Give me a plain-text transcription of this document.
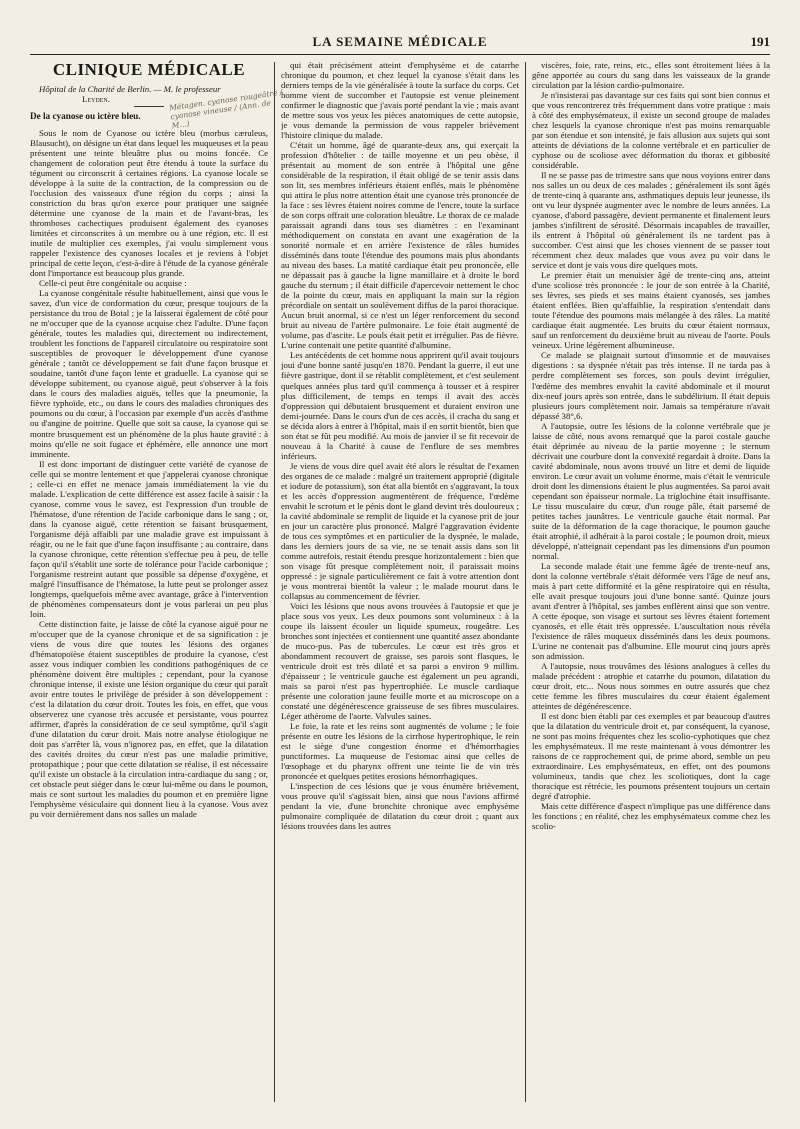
LA SEMAINE MÉDICALE	191
CLINIQUE MÉDICALE

Hôpital de la Charité de Berlin. — M. le professeur

Leyden.
De la cyanose ou ictère bleu.

Sous le nom de Cyanose ou ictère bleu (morbus cæruleus, Blausucht), on désigne un état dans lequel les muqueuses et la peau présentent une teinte bleuâtre plus ou moins foncée. Ce changement de coloration peut être étendu à toute la surface du tégument ou circonscrit à certaines régions. La cyanose locale se développe à la suite de la contraction, de la compression ou de l'occlusion des vaisseaux d'une région du corps ; ainsi la constriction du bras qu'on exerce pour pratiquer une saignée détermine une cyanose de la main et de l'avant-bras, les thromboses cachectiques produisent également des cyanoses limitées et circonscrites à un membre ou à une région, etc. Il est inutile de multiplier ces exemples, j'ai voulu simplement vous rappeler l'existence des cyanoses locales et je reviens à l'objet principal de cette leçon, c'est-à-dire à l'étude de la cyanose générale dont l'importance est beaucoup plus grande.

Celle-ci peut être congénitale ou acquise :

La cyanose congénitale résulte habituellement, ainsi que vous le savez, d'un vice de conformation du cœur, presque toujours de la persistance du trou de Botal ; je la laisserai également de côté pour ne m'occuper que de la cyanose acquise chez l'adulte. D'une façon générale, toutes les maladies qui, directement ou indirectement, troublent les fonctions de l'appareil circulatoire ou respiratoire sont susceptibles de provoquer le développement d'une cyanose générale ; tantôt ce développement se fait d'une façon brusque et soudaine, tantôt d'une façon lente et graduelle. La cyanose qui se développe subitement, ou cyanose aiguë, peut s'observer à la fois dans le cours des maladies aiguës, telles que la pneumonie, la fièvre typhoïde, etc., ou dans le cours des maladies chroniques des poumons ou du cœur, à l'occasion par exemple d'un accès d'asthme ou d'angine de poitrine. Quelle que soit sa cause, la cyanose qui se montre brusquement est un phénomène de la plus haute gravité : à moins qu'elle ne soit fugace et éphémère, elle annonce une mort imminente.

Il est donc important de distinguer cette variété de cyanose de celle qui se montre lentement et que j'appelerai cyanose chronique ; celle-ci en effet ne menace jamais immédiatement la vie du malade. L'explication de cette différence est assez facile à saisir : la cyanose, comme vous le savez, est l'expression d'un trouble de l'hématose, d'une rétention de l'acide carbonique dans le sang ; or, dans la cyanose aiguë, cette rétention se faisant brusquement, l'organisme déjà affaibli par une maladie grave est impuissant à réagir, ou ne le fait que d'une façon insuffisante ; au contraire, dans la cyanose chronique, cette rétention s'effectue peu à peu, de telle façon qu'il s'établit une sorte de tolérance pour l'acide carbonique ; l'organisme restreint autant que possible sa dépense d'oxygène, et malgré l'insuffisance de l'hématose, la lutte peut se prolonger assez longtemps, quelquefois même avec avantage, grâce à l'intervention de phénomènes compensateurs dont je vous parlerai un peu plus loin.

Cette distinction faite, je laisse de côté la cyanose aiguë pour ne m'occuper que de la cyanose chronique et de sa signification : je viens de vous dire que toutes les lésions des organes d'hématopoïèse étaient susceptibles de produire la cyanose, c'est assez vous indiquer combien les conditions pathogéniques de ce phénomène doivent être multiples ; cependant, pour la cyanose chronique intense, il existe une lésion organique du cœur qui paraît avoir entre toutes le privilège de présider à son développement : c'est la dilatation du cœur droit. Toutes les fois, en effet, que vous observerez une cyanose très accusée et persistante, vous pourrez affirmer, d'après la considération de ce seul symptôme, qu'il s'agit d'une dilatation du cœur droit. Mais notre analyse étiologique ne doit pas s'arrêter là, vous n'ignorez pas, en effet, que la dilatation des cavités droites du cœur n'est pas une maladie primitive, protopathique ; pour que cette dilatation se réalise, il est nécessaire qu'il existe un obstacle à la circulation intra-cardiaque du sang ; or, cet obstacle peut siéger dans le cœur lui-même ou dans le poumon, mais ce sont surtout les maladies du poumon et en première ligne l'emphysème vésiculaire qui donnent lieu à la cyanose. Vous avez pu voir dernièrement dans nos salles un malade

qui était précisément atteint d'emphysème et de catarrhe chronique du poumon, et chez lequel la cyanose s'était dans les derniers temps de la vie généralisée à toute la surface du corps. Cet homme vient de succomber et l'autopsie est venue pleinement confirmer le diagnostic que j'avais porté pendant la vie ; mais avant de mettre sous vos yeux les pièces anatomiques de cette autopsie, je vous demande la permission de vous rappeler brièvement l'histoire clinique du malade.

C'était un homme, âgé de quarante-deux ans, qui exerçait la profession d'hôtelier : de taille moyenne et un peu obèse, il présentait au moment de son entrée à l'hôpital une gêne considérable de la respiration, il était obligé de se tenir assis dans son lit, ses membres inférieurs étaient enflés, mais le phénomène qui attira le plus notre attention était une cyanose très prononcée de la face : ses lèvres étaient noires comme de l'encre, toute la surface de son corps offrait une coloration bleuâtre. Le thorax de ce malade paraissait agrandi dans tous ses diamètres : en l'examinant méthodiquement on constata en avant une exagération de la sonorité normale et en arrière l'existence de râles humides disséminés dans toute l'étendue des poumons mais plus abondants au niveau des bases. La matité cardiaque était peu prononcée, elle ne dépassait pas à gauche la ligne mamillaire et à droite le bord gauche du sternum ; il était difficile d'apercevoir nettement le choc de la pointe du cœur, mais en appliquant la main sur la région précordiale on sentait un soulèvement diffus de la paroi thoracique. Aucun bruit anormal, si ce n'est un léger renforcement du second bruit au niveau de l'artère pulmonaire. Le foie était augmenté de volume, pas d'ascite. Le pouls était petit et irrégulier. Pas de fièvre. L'urine contenait une petite quantité d'albumine.

Les antécédents de cet homme nous apprirent qu'il avait toujours joui d'une bonne santé jusqu'en 1870. Pendant la guerre, il eut une fièvre gastrique, dont il se rétablit complètement, et c'est seulement quelques années plus tard qu'il commença à tousser et à respirer plus difficilement, de temps en temps il avait des accès d'oppression qui débutaient brusquement et duraient environ une demi-journée. Dans le cours d'un de ces accès, il cracha du sang et se décida alors à entrer à l'hôpital, mais il en sortit bientôt, bien que son état se fût peu modifié. Au mois de janvier il se fit recevoir de nouveau à la Charité à cause de l'enflure de ses membres inférieurs.

Je viens de vous dire quel avait été alors le résultat de l'examen des organes de ce malade : malgré un traitement approprié (digitale et iodure de potassium), son état alla bientôt en s'aggravant, la toux et les accès d'oppression augmentèrent de fréquence, l'œdème envahit le scrotum et le pénis dont le gland devint très douloureux ; la cavité abdominale se remplit de liquide et la cyanose prit de jour en jour un caractère plus prononcé. Malgré l'aggravation évidente de tous ces symptômes et en particulier de la dyspnée, le malade, dans les derniers jours de sa vie, ne se tenait assis dans son lit comme autrefois, restait étendu presque horizontalement : bien que son visage fût presque complètement noir, il paraissait moins oppressé : je signale particulièrement ce fait à votre attention dont je vous montrerai bientôt la valeur ; le malade mourut dans le collapsus au commencement de février.

Voici les lésions que nous avons trouvées à l'autopsie et que je place sous vos yeux. Les deux poumons sont volumineux : à la coupe ils laissent écouler un liquide spumeux, rougeâtre. Les bronches sont injectées et contiennent une quantité assez abondante de muco-pus. Pas de tubercules. Le cœur est très gros et abondamment recouvert de graisse, ses parois sont flasques, le ventricule droit est très dilaté et sa paroi a environ 9 millim. d'épaisseur ; le ventricule gauche est également un peu agrandi, mais sa paroi n'est pas hypertrophiée. Le muscle cardiaque présente une coloration jaune feuille morte et au microscope on a constaté une dégénérescence graisseuse de ses fibres musculaires. Léger athérome de l'aorte. Valvules saines.

Le foie, la rate et les reins sont augmentés de volume ; le foie présente en outre les lésions de la cirrhose hypertrophique, le rein est le siège d'une congestion énorme et d'hémorrhagies punctiformes. La muqueuse de l'estomac ainsi que celles de l'œsophage et du pharynx offrent une teinte lie de vin très prononcée et quelques petites erosions hémorrhagiques.

L'inspection de ces lésions que je vous énumère brièvement, vous prouve qu'il s'agissait bien, ainsi que nous l'avions affirmé pendant la vie, d'une bronchite chronique avec emphysème pulmonaire compliquée de dilatation du cœur droit ; quant aux lésions trouvées dans les autres

viscères, foie, rate, reins, etc., elles sont étroitement liées à la gêne apportée au cours du sang dans les vaisseaux de la grande circulation par la lésion cardio-pulmonaire.

Je n'insisterai pas davantage sur ces faits qui sont bien connus et que vous rencontrerez très fréquemment dans votre pratique : mais à côté des emphysémateux, il existe un second groupe de malades chez lesquels la cyanose chronique n'est pas moins remarquable par son étendue et son intensité, je fais allusion aux sujets qui sont atteints de déviations de la colonne vertébrale et en particulier de cyphose ou de scoliose avec déformation du thorax et gibbosité considérable.

Il ne se passe pas de trimestre sans que nous voyions entrer dans nos salles un ou deux de ces malades ; généralement ils sont âgés de trente-cinq à quarante ans, asthmatiques depuis leur jeunesse, ils ont vu leur dyspnée augmenter avec le nombre de leurs années. La cyanose, d'abord passagère, devient permanente et finalement leurs jambes s'infiltrent de sérosité. Désormais incapables de travailler, ils entrent à l'hôpital où généralement ils ne tardent pas à succomber. C'est ainsi que les choses viennent de se passer tout récemment chez deux malades que vous avez pu voir dans le service et dont je vais vous dire quelques mots.

Le premier était un menuisier âgé de trente-cinq ans, atteint d'une scoliose très prononcée : le jour de son entrée à la Charité, ses lèvres, ses pieds et ses mains étaient cyanosés, ses jambes étaient enflées. Bien qu'affaiblie, la respiration s'entendait dans toute l'étendue des poumons mais mélangée à des râles. La matité cardiaque était augmentée. Les bruits du cœur étaient normaux, sauf un renforcement du deuxième bruit au niveau de l'aorte. Pouls veineux. Urine légèrement albumineuse.

Ce malade se plaignait surtout d'insomnie et de mauvaises digestions : sa dyspnée n'était pas très intense. Il ne tarda pas à perdre complètement ses forces, son pouls devint irrégulier, l'œdème des membres envahit la cavité abdominale et il mourut dix-neuf jours après son entrée, dans le subdélirium. Il était depuis plusieurs jours complètement noir. Jamais sa température n'avait dépassé 38°,6.

A l'autopsie, outre les lésions de la colonne vertébrale que je laisse de côté, nous avons remarqué que la paroi costale gauche était déprimée au niveau de la partie moyenne ; le sternum décrivait une courbure dont la convexité regardait à droite. Dans la cavité abdominale, nous avons trouvé un litre et demi de liquide environ. Le cœur avait un volume énorme, mais c'était le ventricule droit dont les dimensions étaient le plus augmentées. Sa paroi avait cependant son épaisseur normale. La triglochine était insuffisante. Le tissu musculaire du cœur, d'un rouge pâle, était parsemé de petites taches jaunâtres. Le ventricule gauche était normal. Par suite de la déformation de la cage thoracique, le poumon gauche était atrophié, il adhérait à la paroi costale ; le poumon droit, mieux développé, n'atteignait cependant pas les dimensions d'un poumon normal.

La seconde malade était une femme âgée de trente-neuf ans, dont la colonne vertébrale s'était déformée vers l'âge de neuf ans, mais à part cette difformité et la gêne respiratoire qui en résulta, elle avait presque toujours joui d'une bonne santé. Quinze jours avant d'entrer à l'hôpital, ses jambes enflèrent ainsi que son ventre. A cette époque, son visage et surtout ses lèvres étaient fortement cyanosés, et elle était très oppressée. L'auscultation nous révéla l'existence de râles muqueux disséminés dans les deux poumons. L'urine ne contenait pas d'albumine. Elle mourut cinq jours après son admission.

A l'autopsie, nous trouvâmes des lésions analogues à celles du malade précédent : atrophie et catarrhe du poumon, dilatation du cœur droit, etc... Nous nous sommes en outre assurés que chez cette femme les fibres musculaires du cœur étaient également atteintes de dégénérescence.

Il est donc bien établi par ces exemples et par beaucoup d'autres que la dilatation du ventricule droit et, par conséquent, la cyanose, ne sont pas moins fréquentes chez les scolio-cyphotiques que chez les emphysémateux. Il me reste maintenant à vous démontrer les raisons de ce rapprochement qui, de prime abord, semble un peu extraordinaire. Les emphysémateux, en effet, ont des poumons volumineux, tandis que chez les scoliotiques, dont la cage thoracique est rétrécie, les poumons présentent toujours un certain degré d'atrophie.

Mais cette différence d'aspect n'implique pas une différence dans les fonctions ; en réalité, chez les emphysémateux comme chez les scolio-

Métagen. cyanose rougeâtre / cyanose vineuse / (Ann. de M...)
